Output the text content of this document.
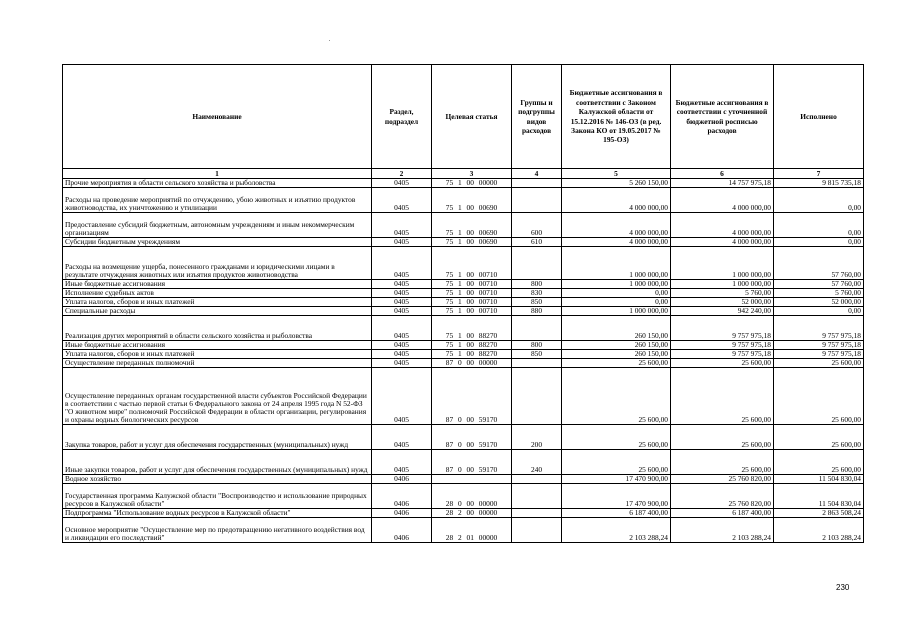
Наименование	Раздел, подраздел	Целевая статья	Группы и подгруппы видов расходов	Бюджетные ассигнования в соответствии с Законом Калужской области от 15.12.2016 № 146-ОЗ (в ред. Закона КО от 19.05.2017 № 195-ОЗ)	Бюджетные ассигнования в соответствии с уточненной бюджетной росписью расходов	Исполнено
1	2	3	4	5	6	7
Прочие мероприятия в области сельского хозяйства и рыболовства	0405	75 1 00 00000		5 260 150,00	14 757 975,18	9 815 735,18
Расходы на проведение мероприятий по отчуждению, убою животных и изъятию продуктов животноводства, их уничтожению и утилизации	0405	75 1 00 00690		4 000 000,00	4 000 000,00	0,00
Предоставление субсидий бюджетным, автономным учреждениям и иным некоммерческим организациям	0405	75 1 00 00690	600	4 000 000,00	4 000 000,00	0,00
Субсидии бюджетным учреждениям	0405	75 1 00 00690	610	4 000 000,00	4 000 000,00	0,00
Расходы на возмещение ущерба, понесенного гражданами и юридическими лицами в результате отчуждения животных или изъятия продуктов животноводства	0405	75 1 00 00710		1 000 000,00	1 000 000,00	57 760,00
Иные бюджетные ассигнования	0405	75 1 00 00710	800	1 000 000,00	1 000 000,00	57 760,00
Исполнение судебных актов	0405	75 1 00 00710	830	0,00	5 760,00	5 760,00
Уплата налогов, сборов и иных платежей	0405	75 1 00 00710	850	0,00	52 000,00	52 000,00
Специальные расходы	0405	75 1 00 00710	880	1 000 000,00	942 240,00	0,00
Реализация других мероприятий в области сельского хозяйства и рыболовства	0405	75 1 00 88270		260 150,00	9 757 975,18	9 757 975,18
Иные бюджетные ассигнования	0405	75 1 00 88270	800	260 150,00	9 757 975,18	9 757 975,18
Уплата налогов, сборов и иных платежей	0405	75 1 00 88270	850	260 150,00	9 757 975,18	9 757 975,18
Осуществление переданных полномочий	0405	87 0 00 00000		25 600,00	25 600,00	25 600,00
Осуществление переданных органам государственной власти субъектов Российской Федерации в соответствии с частью первой статьи 6 Федерального закона от 24 апреля 1995 года N 52-ФЗ "О животном мире" полномочий Российской Федерации в области организации, регулирования и охраны водных биологических ресурсов	0405	87 0 00 59170		25 600,00	25 600,00	25 600,00
Закупка товаров, работ и услуг для обеспечения государственных (муниципальных) нужд	0405	87 0 00 59170	200	25 600,00	25 600,00	25 600,00
Иные закупки товаров, работ и услуг для обеспечения государственных (муниципальных) нужд	0405	87 0 00 59170	240	25 600,00	25 600,00	25 600,00
Водное хозяйство	0406			17 470 900,00	25 760 820,00	11 504 830,04
Государственная программа Калужской области "Воспроизводство и использование природных ресурсов в Калужской области"	0406	28 0 00 00000		17 470 900,00	25 760 820,00	11 504 830,04
Подпрограмма "Использование водных ресурсов в Калужской области"	0406	28 2 00 00000		6 187 400,00	6 187 400,00	2 863 508,24
Основное мероприятие "Осуществление мер по предотвращению негативного воздействия вод и ликвидации его последствий"	0406	28 2 01 00000		2 103 288,24	2 103 288,24	2 103 288,24
230
